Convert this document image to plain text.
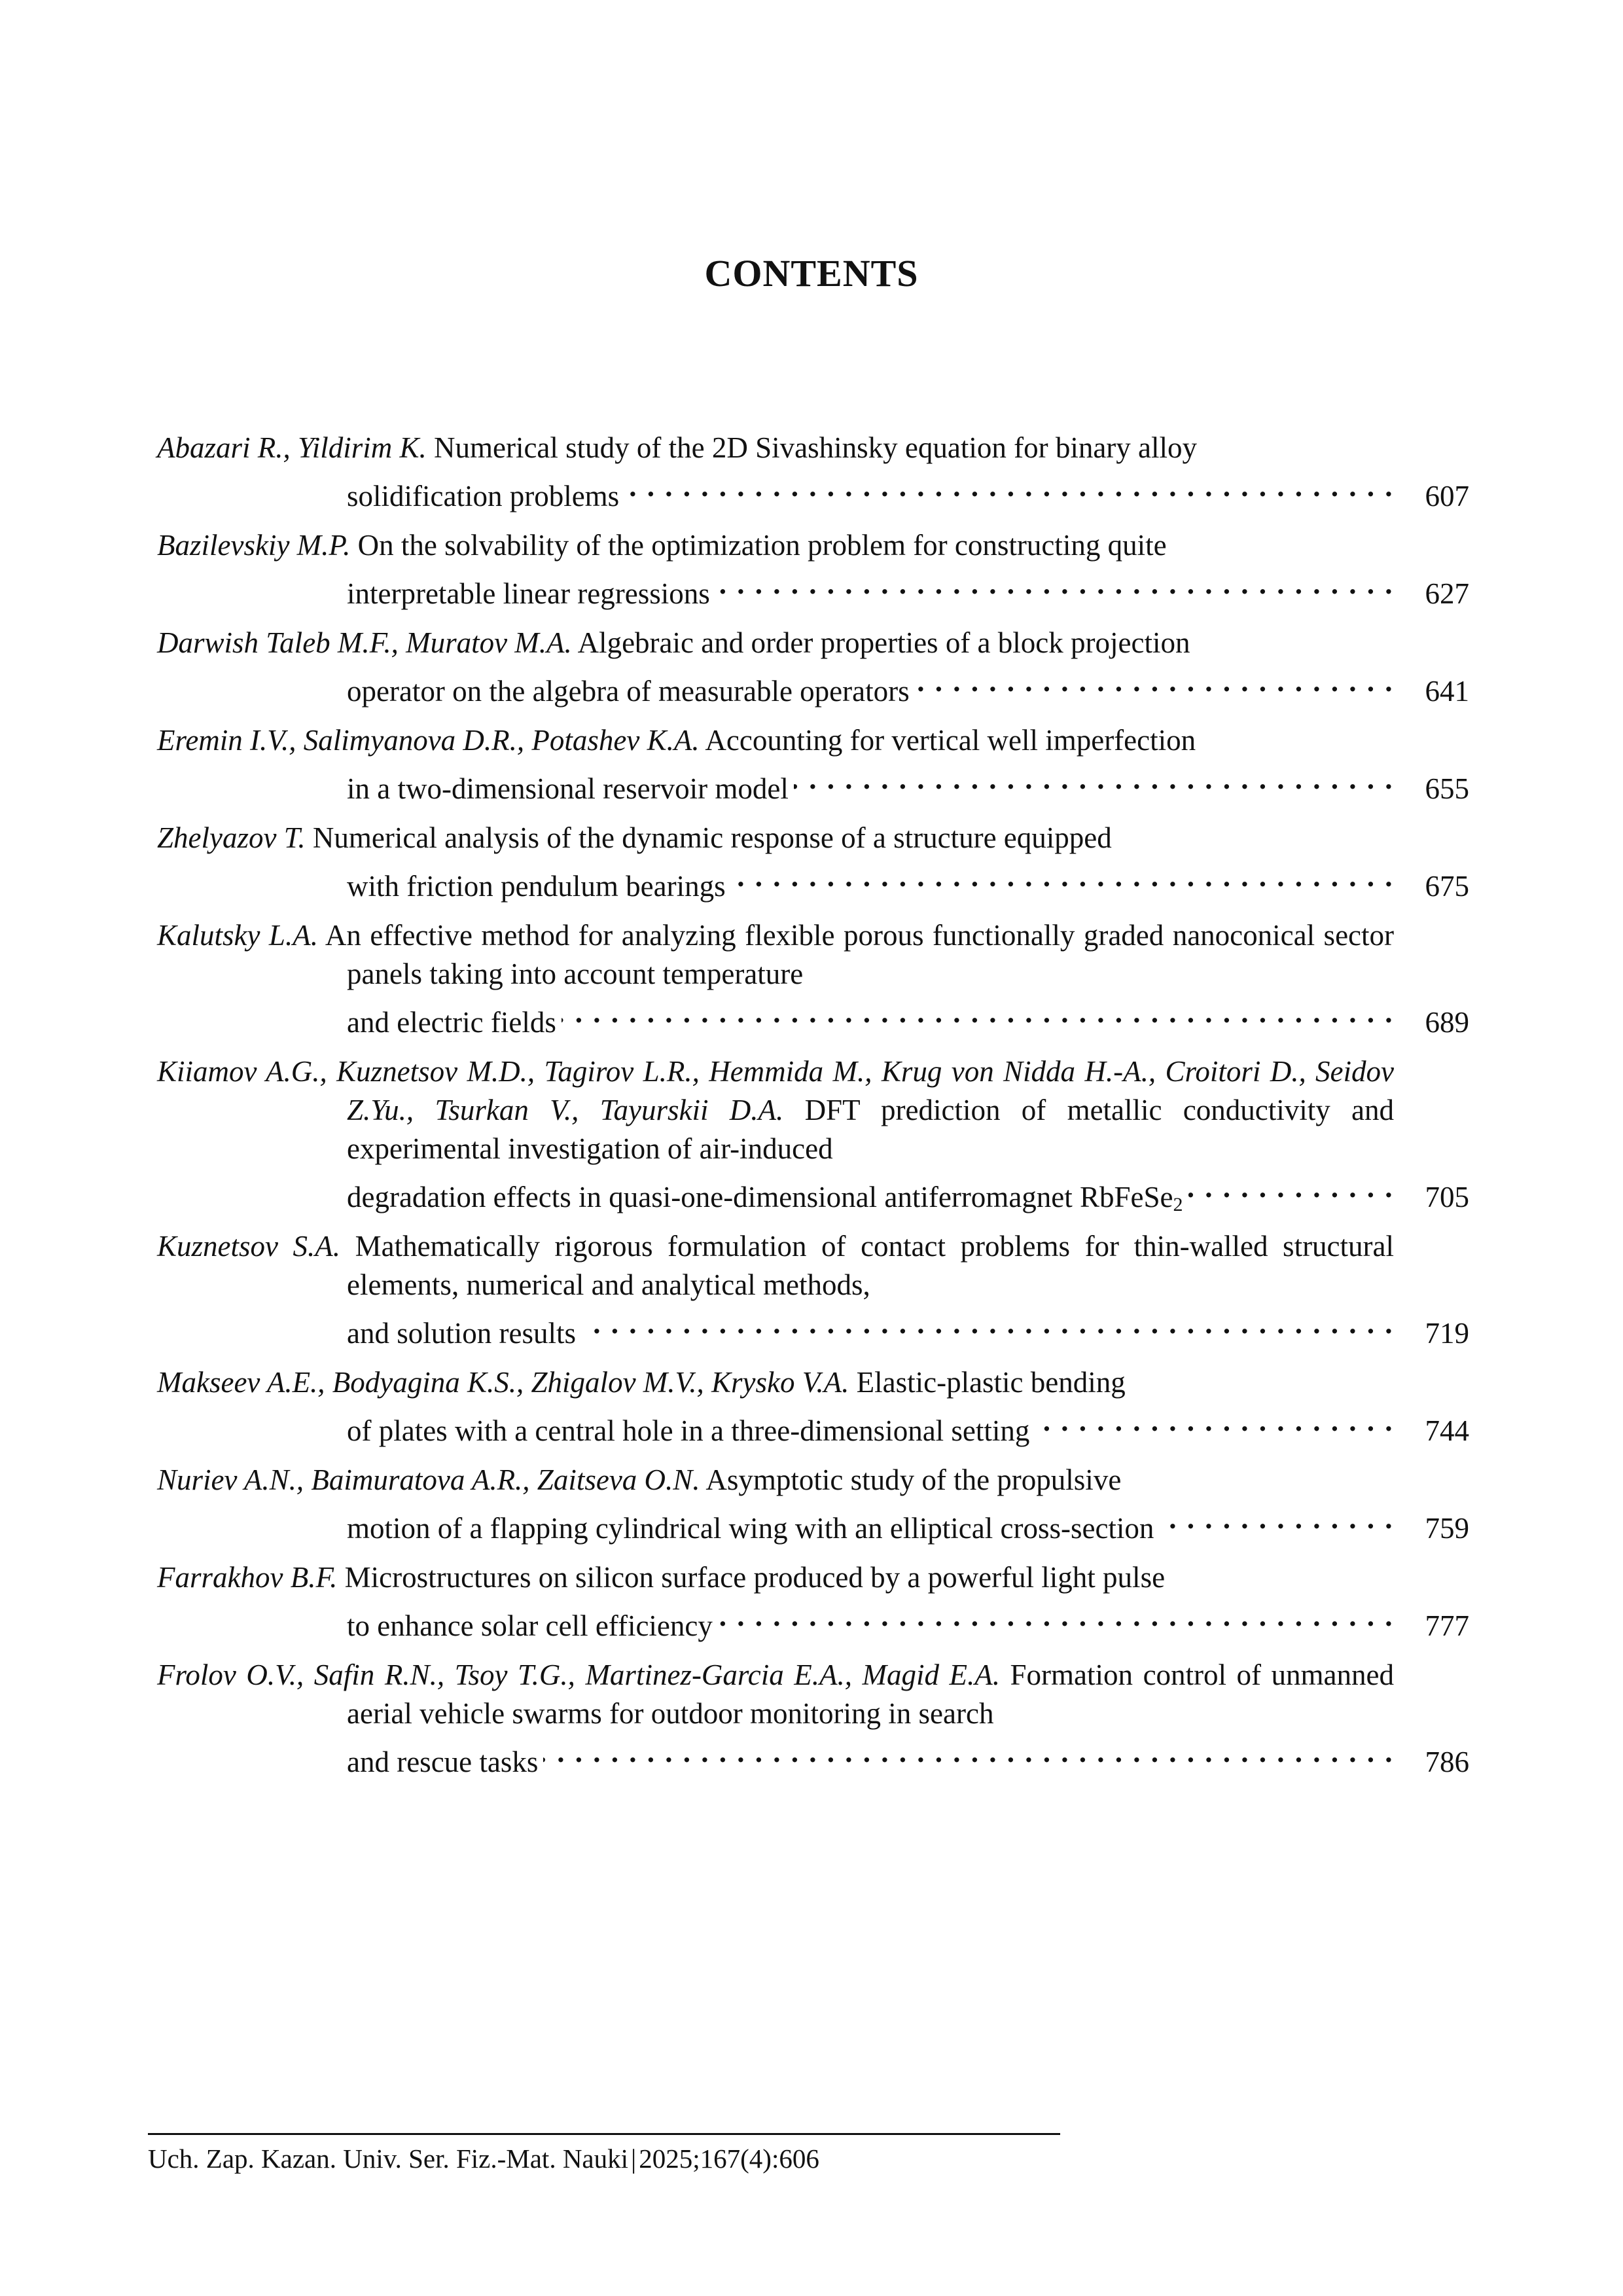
CONTENTS
Abazari R., Yildirim K. Numerical study of the 2D Sivashinsky equation for binary alloy
solidification problems . . .	607
Bazilevskiy M.P. On the solvability of the optimization problem for constructing quite
interpretable linear regressions . . .	627
Darwish Taleb M.F., Muratov M.A. Algebraic and order properties of a block projection
operator on the algebra of measurable operators . . .	641
Eremin I.V., Salimyanova D.R., Potashev K.A. Accounting for vertical well imperfection
in a two-dimensional reservoir model . . .	655
Zhelyazov T. Numerical analysis of the dynamic response of a structure equipped
with friction pendulum bearings . . .	675
Kalutsky L.A. An effective method for analyzing flexible porous functionally graded nanoconical sector panels taking into account temperature
and electric fields . . .	689
Kiiamov A.G., Kuznetsov M.D., Tagirov L.R., Hemmida M., Krug von Nidda H.-A., Croitori D., Seidov Z.Yu., Tsurkan V., Tayurskii D.A. DFT prediction of metallic conductivity and experimental investigation of air-induced
degradation effects in quasi-one-dimensional antiferromagnet RbFeSe$_2$ . . .	705
Kuznetsov S.A. Mathematically rigorous formulation of contact problems for thin-walled structural elements, numerical and analytical methods,
and solution results . . .	719
Makseev A.E., Bodyagina K.S., Zhigalov M.V., Krysko V.A. Elastic-plastic bending
of plates with a central hole in a three-dimensional setting . . .	744
Nuriev A.N., Baimuratova A.R., Zaitseva O.N. Asymptotic study of the propulsive
motion of a flapping cylindrical wing with an elliptical cross-section . . .	759
Farrakhov B.F. Microstructures on silicon surface produced by a powerful light pulse
to enhance solar cell efficiency . . .	777
Frolov O.V., Safin R.N., Tsoy T.G., Martinez-Garcia E.A., Magid E.A. Formation control of unmanned aerial vehicle swarms for outdoor monitoring in search
and rescue tasks . . .	786
Uch. Zap. Kazan. Univ. Ser. Fiz.-Mat. Nauki|2025;167(4):606
